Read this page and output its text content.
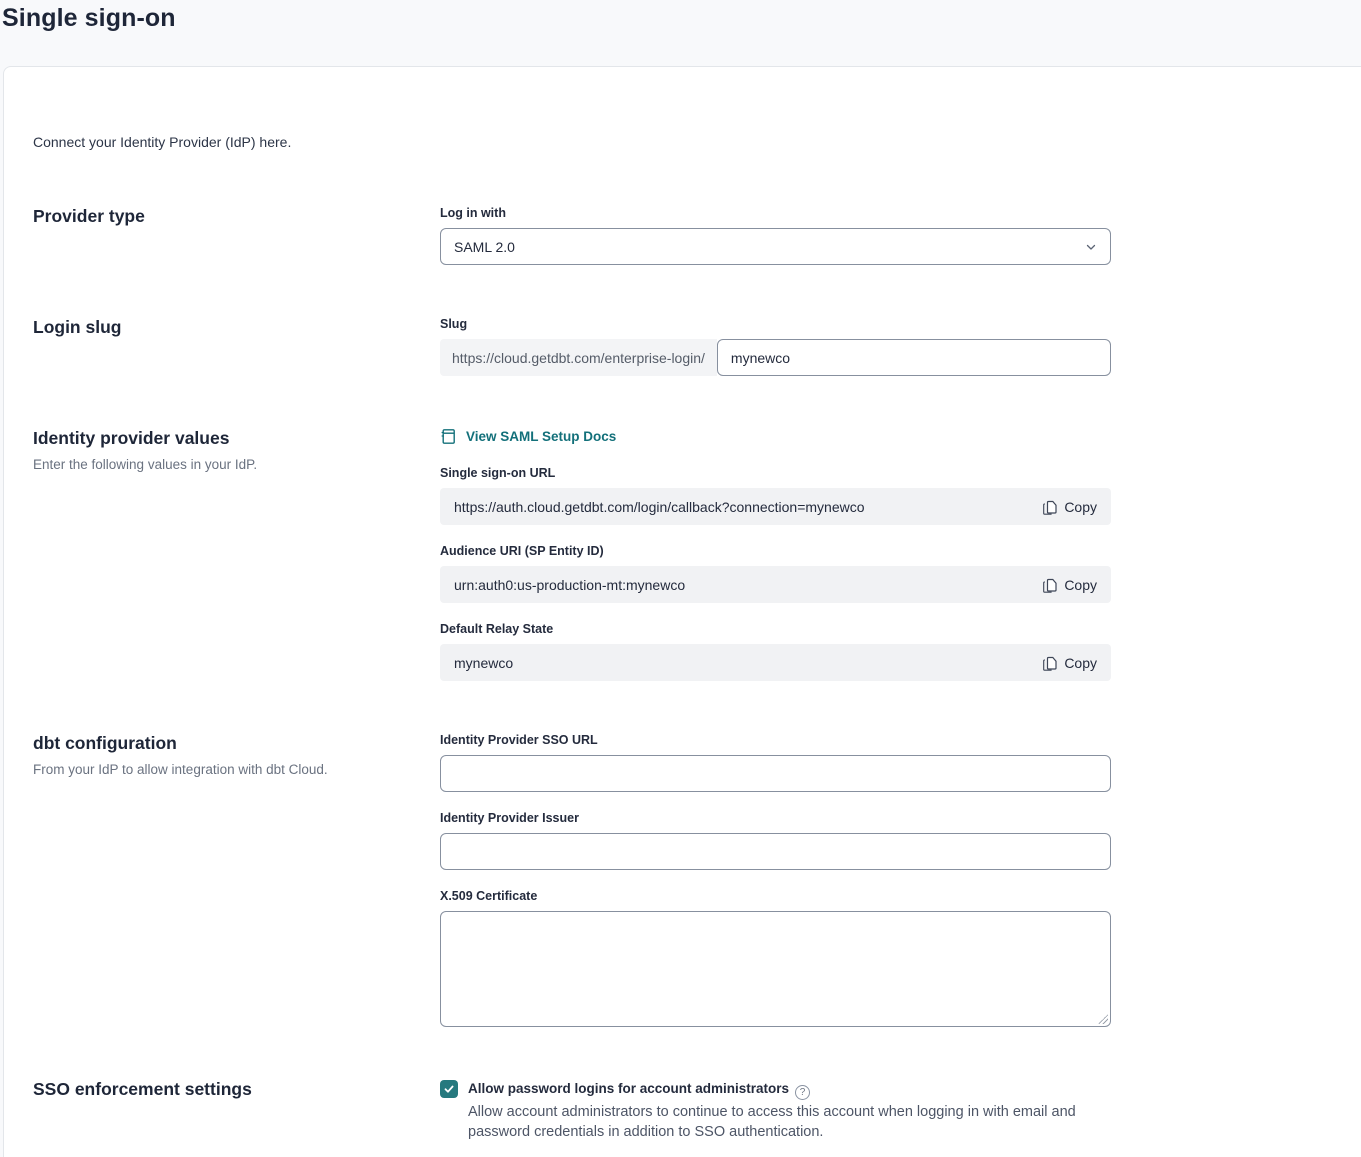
Single sign-on

Connect your Identity Provider (IdP) here.

Provider type	Log in with
SAML 2.0
Login slug	Slug
https://cloud.getdbt.com/enterprise-login/
mynewco
Identity provider values

Enter the following values in your IdP.

View SAML Setup Docs
Single sign-on URL
https://auth.cloud.getdbt.com/login/callback?connection=mynewco	Copy
Audience URI (SP Entity ID)
urn:auth0:us-production-mt:mynewco	Copy
Default Relay State
mynewco	Copy
dbt configuration

From your IdP to allow integration with dbt Cloud.

Identity Provider SSO URL
Identity Provider Issuer
X.509 Certificate
SSO enforcement settings	Allow password logins for account administrators ?

Allow account administrators to continue to access this account when logging in with email and password credentials in addition to SSO authentication.
